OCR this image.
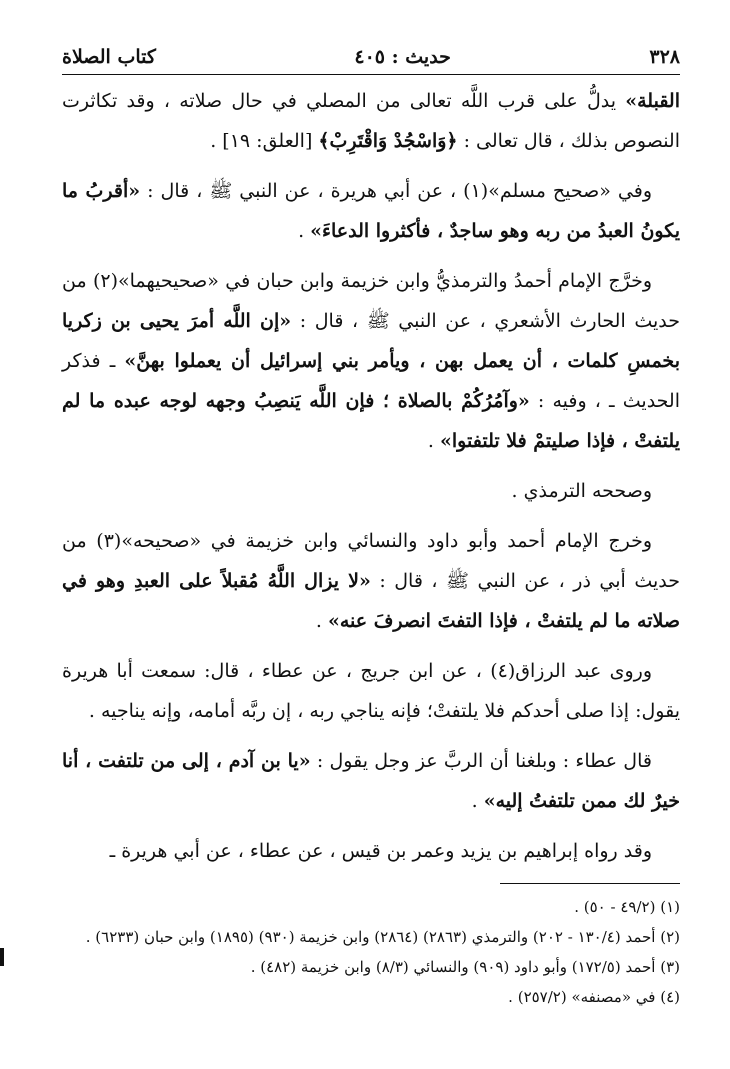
٣٢٨
حديث : ٤٠٥
كتاب الصلاة

القبلة» يدلُّ على قرب اللَّه تعالى من المصلي في حال صلاته ، وقد تكاثرت النصوص بذلك ، قال تعالى : ﴿وَاسْجُدْ وَاقْتَرِبْ﴾ [العلق: ١٩] .

وفي «صحيح مسلم»(١) ، عن أبي هريرة ، عن النبي ﷺ ، قال : «أقربُ ما يكونُ العبدُ من ربه وهو ساجدٌ ، فأكثروا الدعاءَ» .

وخرَّج الإمام أحمدُ والترمذيُّ وابن خزيمة وابن حبان في «صحيحيهما»(٢) من حديث الحارث الأشعري ، عن النبي ﷺ ، قال : «إن اللَّه أمرَ يحيى بن زكريا بخمسِ كلمات ، أن يعمل بهن ، ويأمر بني إسرائيل أن يعملوا بهنَّ» ـ فذكر الحديث ـ ، وفيه : «وآمُرُكُمْ بالصلاة ؛ فإن اللَّه يَنصِبُ وجهه لوجه عبده ما لم يلتفتْ ، فإذا صليتمْ فلا تلتفتوا» .

وصححه الترمذي .

وخرج الإمام أحمد وأبو داود والنسائي وابن خزيمة في «صحيحه»(٣) من حديث أبي ذر ، عن النبي ﷺ ، قال : «لا يزال اللَّهُ مُقبلاً على العبدِ وهو في صلاته ما لم يلتفتْ ، فإذا التفتَ انصرفَ عنه» .

وروى عبد الرزاق(٤) ، عن ابن جريج ، عن عطاء ، قال: سمعت أبا هريرة يقول: إذا صلى أحدكم فلا يلتفتْ؛ فإنه يناجي ربه ، إن ربَّه أمامه، وإنه يناجيه .

قال عطاء : وبلغنا أن الربَّ عز وجل يقول : «يا بن آدم ، إلى من تلتفت ، أنا خيرٌ لك ممن تلتفتُ إليه» .

وقد رواه إبراهيم بن يزيد وعمر بن قيس ، عن عطاء ، عن أبي هريرة ـ

(١) (٤٩/٢ - ٥٠) .

(٢) أحمد (١٣٠/٤ - ٢٠٢) والترمذي (٢٨٦٣) (٢٨٦٤) وابن خزيمة (٩٣٠) (١٨٩٥) وابن حبان (٦٢٣٣) .

(٣) أحمد (١٧٢/٥) وأبو داود (٩٠٩) والنسائي (٨/٣) وابن خزيمة (٤٨٢) .

(٤) في «مصنفه» (٢٥٧/٢) .
